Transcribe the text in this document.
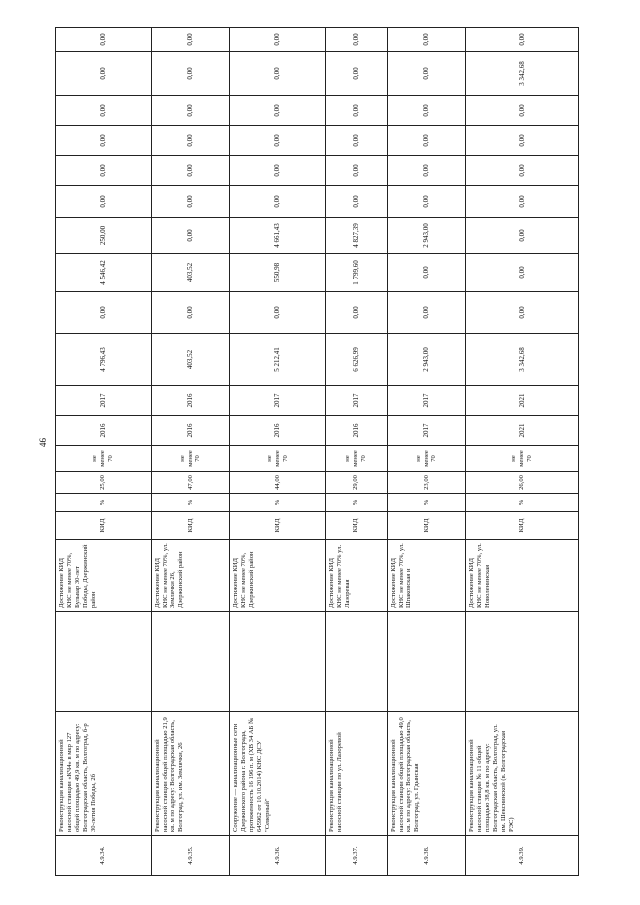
46
4.9.34.	Реконструкция канализационной насосной станции «КЧ4» в мкр 127 общей площадью 49,9 кв. м по адресу: Волгоградская область, Волгоград, б-р 30-летия Победы, 2б		Достижение КИД КНС не менее 70%, Бульвар 30-лет Победы, Дзержинский район	КИД	%	25,00	не менее 70	2016	2017	4 796,43	0,00	4 546,42	250,00	0,00	0,00	0,00	0,00	0,00	0,00
4.9.35.	Реконструкция канализационной насосной станции общей площадью 21,9 кв. м по адресу: Волгоградская область, Волгоград, ул. им. Землячки, 26		Достижение КИД КНС не менее 70%, ул. Землячки 26, Дзержинский район	КИД	%	47,00	не менее 70	2016	2016	403,52	0,00	403,52	0,00	0,00	0,00	0,00	0,00	0,00	0,00
4.9.36.	Сооружение — канализационные сети Дзержинского района г. Волгограда, протяженность 16 196 п. м (ХВ 34 АБ № 645962 от 10.10.2014) КНС ДСУ "Северный"		Достижение КИД КНС не менее 70%, Дзержинский район	КИД	%	44,00	не менее 70	2016	2017	5 212,41	0,00	550,98	4 661,43	0,00	0,00	0,00	0,00	0,00	0,00
4.9.37.	Реконструкция канализационной насосной станции по ул. Лазоревой		Достижение КИД КНС не менее 70% ул. Лазоревая	КИД	%	29,00	не менее 70	2016	2017	6 626,99	0,00	1 799,60	4 827,39	0,00	0,00	0,00	0,00	0,00	0,00
4.9.38.	Реконструкция канализационной насосной станции общей площадью 49,0 кв. м по адресу: Волгоградская область, Волгоград, ул. Гдынская		Достижение КИД КНС не менее 70%, ул. Шпаковская и	КИД	%	23,00	не менее 70	2017	2017	2 943,00	0,00	0,00	2 943,00	0,00	0,00	0,00	0,00	0,00	0,00
4.9.39.	Реконструкция канализационной насосной станции № 11 общей площадью 38,8 кв. м по адресу: Волгоградская область, Волгоград, ул. им. Шекснинской (в. Волгоградская РЭС)		Достижение КИД КНС не менее 70%, ул. Новоленинская	КИД	%	26,00	не менее 70	2021	2021	3 342,68	0,00	0,00	0,00	0,00	0,00	0,00	0,00	3 342,68	0,00
